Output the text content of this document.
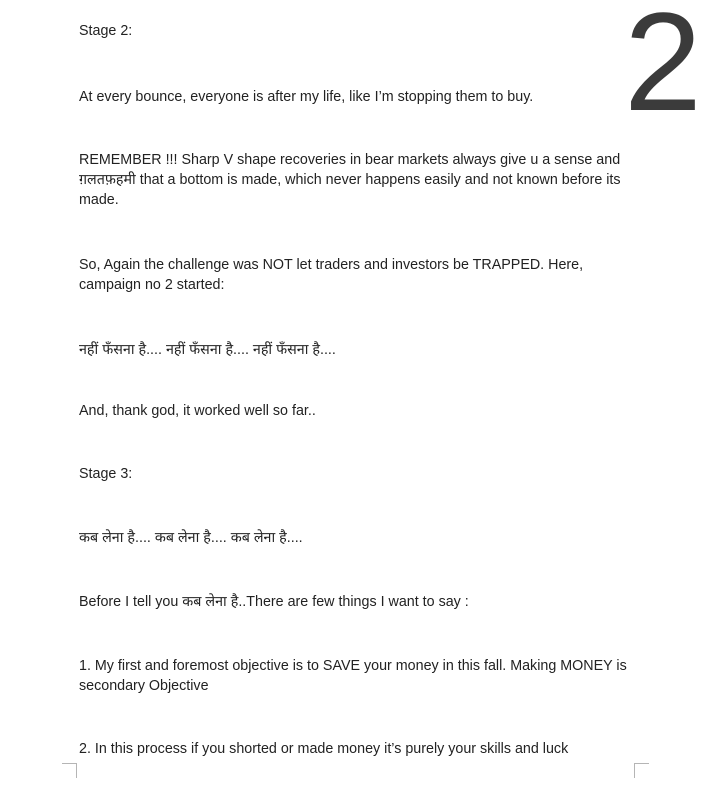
2

Stage 2:

At every bounce, everyone is after my life, like I’m stopping them to buy.

REMEMBER !!! Sharp V shape recoveries in bear markets always give u a sense and ग़लतफ़हमी that a bottom is made, which never happens easily and not known before its made.

So, Again the challenge was NOT let traders and investors be TRAPPED. Here, campaign no 2 started:

नहीं फँसना है.... नहीं फँसना है.... नहीं फँसना है....

And, thank god, it worked well so far..

Stage 3:

कब लेना है.... कब लेना है.... कब लेना है....

Before I tell you कब लेना है..There are few things I want to say :

1. My first and foremost objective is to SAVE your money in this fall. Making MONEY is secondary Objective

2. In this process if you shorted or made money it’s purely your skills and luck
